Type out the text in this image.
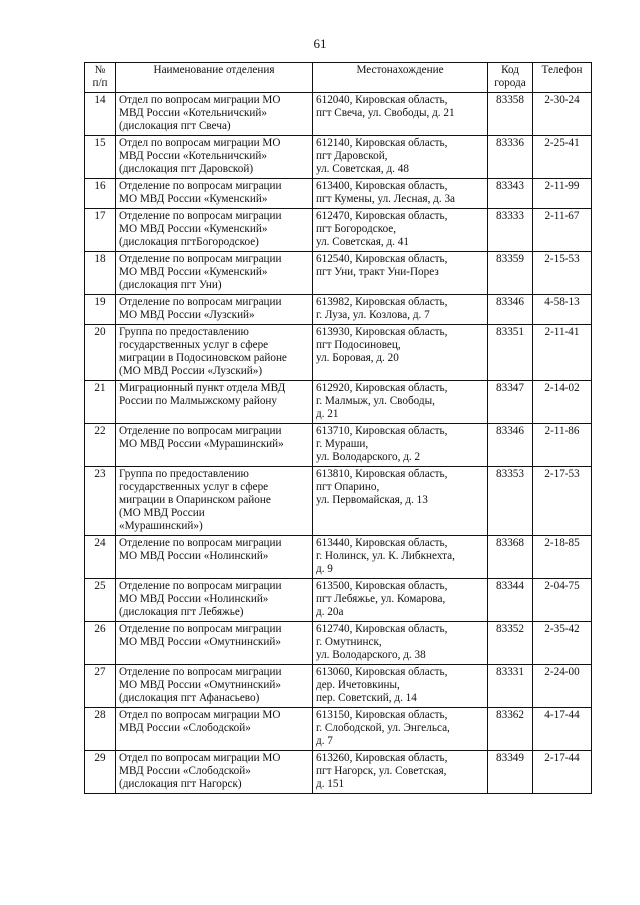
61
№
п/п	Наименование отделения	Местонахождение	Код
города	Телефон
14	Отдел по вопросам миграции МО
МВД России «Котельничский»
(дислокация пгт Свеча)	612040, Кировская область,
пгт Свеча, ул. Свободы, д. 21	83358	2-30-24
15	Отдел по вопросам миграции МО
МВД России «Котельничский»
(дислокация пгт Даровской)	612140, Кировская область,
пгт Даровской,
ул. Советская, д. 48	83336	2-25-41
16	Отделение по вопросам миграции
МО МВД России «Куменский»	613400, Кировская область,
пгт Кумены, ул. Лесная, д. 3а	83343	2-11-99
17	Отделение по вопросам миграции
МО МВД России «Куменский»
(дислокация пгтБогородское)	612470, Кировская область,
пгт Богородское,
ул. Советская, д. 41	83333	2-11-67
18	Отделение по вопросам миграции
МО МВД России «Куменский»
(дислокация пгт Уни)	612540, Кировская область,
пгт Уни, тракт Уни-Порез	83359	2-15-53
19	Отделение по вопросам миграции
МО МВД России «Лузский»	613982, Кировская область,
г. Луза, ул. Козлова, д. 7	83346	4-58-13
20	Группа по предоставлению
государственных услуг в сфере
миграции в Подосиновском районе
(МО МВД России «Лузский»)	613930, Кировская область,
пгт Подосиновец,
ул. Боровая, д. 20	83351	2-11-41
21	Миграционный пункт отдела МВД
России по Малмыжскому району	612920, Кировская область,
г. Малмыж, ул. Свободы,
д. 21	83347	2-14-02
22	Отделение по вопросам миграции
МО МВД России «Мурашинский»	613710, Кировская область,
г. Мураши,
ул. Володарского, д. 2	83346	2-11-86
23	Группа по предоставлению
государственных услуг в сфере
миграции в Опаринском районе
(МО МВД России
«Мурашинский»)	613810, Кировская область,
пгт Опарино,
ул. Первомайская, д. 13	83353	2-17-53
24	Отделение по вопросам миграции
МО МВД России «Нолинский»	613440, Кировская область,
г. Нолинск, ул. К. Либкнехта,
д. 9	83368	2-18-85
25	Отделение по вопросам миграции
МО МВД России «Нолинский»
(дислокация пгт Лебяжье)	613500, Кировская область,
пгт Лебяжье, ул. Комарова,
д. 20а	83344	2-04-75
26	Отделение по вопросам миграции
МО МВД России «Омутнинский»	612740, Кировская область,
г. Омутнинск,
ул. Володарского, д. 38	83352	2-35-42
27	Отделение по вопросам миграции
МО МВД России «Омутнинский»
(дислокация пгт Афанасьево)	613060, Кировская область,
дер. Ичетовкины,
пер. Советский, д. 14	83331	2-24-00
28	Отдел по вопросам миграции МО
МВД России «Слободской»	613150, Кировская область,
г. Слободской, ул. Энгельса,
д. 7	83362	4-17-44
29	Отдел по вопросам миграции МО
МВД России «Слободской»
(дислокация пгт Нагорск)	613260, Кировская область,
пгт Нагорск, ул. Советская,
д. 151	83349	2-17-44
